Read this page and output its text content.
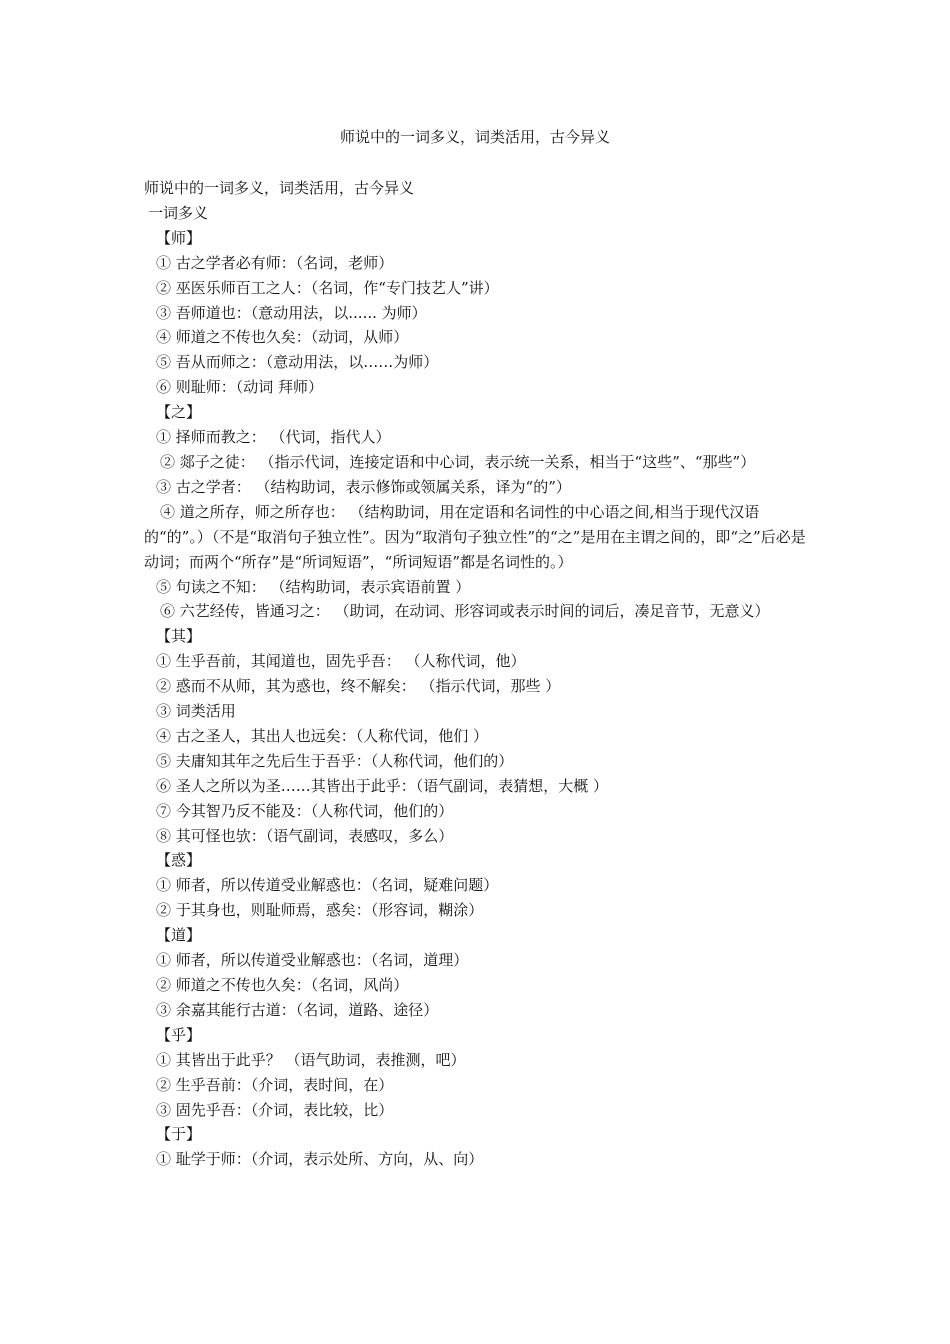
师说中的一词多义，词类活用，古今异义
师说中的一词多义，词类活用，古今异义
一词多义
【师】
① 古之学者必有师：（名词，老师）
② 巫医乐师百工之人：（名词，作“专门技艺人”讲）
③ 吾师道也：（意动用法，以...... 为师）
④ 师道之不传也久矣：（动词，从师）
⑤ 吾从而师之：（意动用法，以……为师）
⑥ 则耻师：（动词 拜师）
【之】
① 择师而教之： （代词，指代人）
② 郯子之徒： （指示代词，连接定语和中心词，表示统一关系，相当于“这些”、“那些”）
③ 古之学者： （结构助词，表示修饰或领属关系，译为“的”）
④ 道之所存，师之所存也： （结构助词，用在定语和名词性的中心语之间,相当于现代汉语的“的”。）（不是“取消句子独立性”。因为“取消句子独立性”的“之”是用在主谓之间的，即“之”后必是动词；而两个“所存”是“所词短语”，“所词短语”都是名词性的。）
⑤ 句读之不知： （结构助词，表示宾语前置 ）
⑥ 六艺经传，皆通习之： （助词，在动词、形容词或表示时间的词后，凑足音节，无意义）
【其】
① 生乎吾前，其闻道也，固先乎吾： （人称代词，他）
② 惑而不从师，其为惑也，终不解矣： （指示代词，那些 ）
③ 词类活用
④ 古之圣人，其出人也远矣：（人称代词，他们 ）
⑤ 夫庸知其年之先后生于吾乎：（人称代词，他们的）
⑥ 圣人之所以为圣……其皆出于此乎：（语气副词，表猜想，大概 ）
⑦ 今其智乃反不能及：（人称代词，他们的）
⑧ 其可怪也欤：（语气副词，表感叹，多么）
【惑】
① 师者，所以传道受业解惑也：（名词，疑难问题）
② 于其身也，则耻师焉，惑矣：（形容词，糊涂）
【道】
① 师者，所以传道受业解惑也：（名词，道理）
② 师道之不传也久矣：（名词，风尚）
③ 余嘉其能行古道：（名词，道路、途径）
【乎】
① 其皆出于此乎？ （语气助词，表推测，吧）
② 生乎吾前：（介词，表时间，在）
③ 固先乎吾：（介词，表比较，比）
【于】
① 耻学于师：（介词，表示处所、方向，从、向）
